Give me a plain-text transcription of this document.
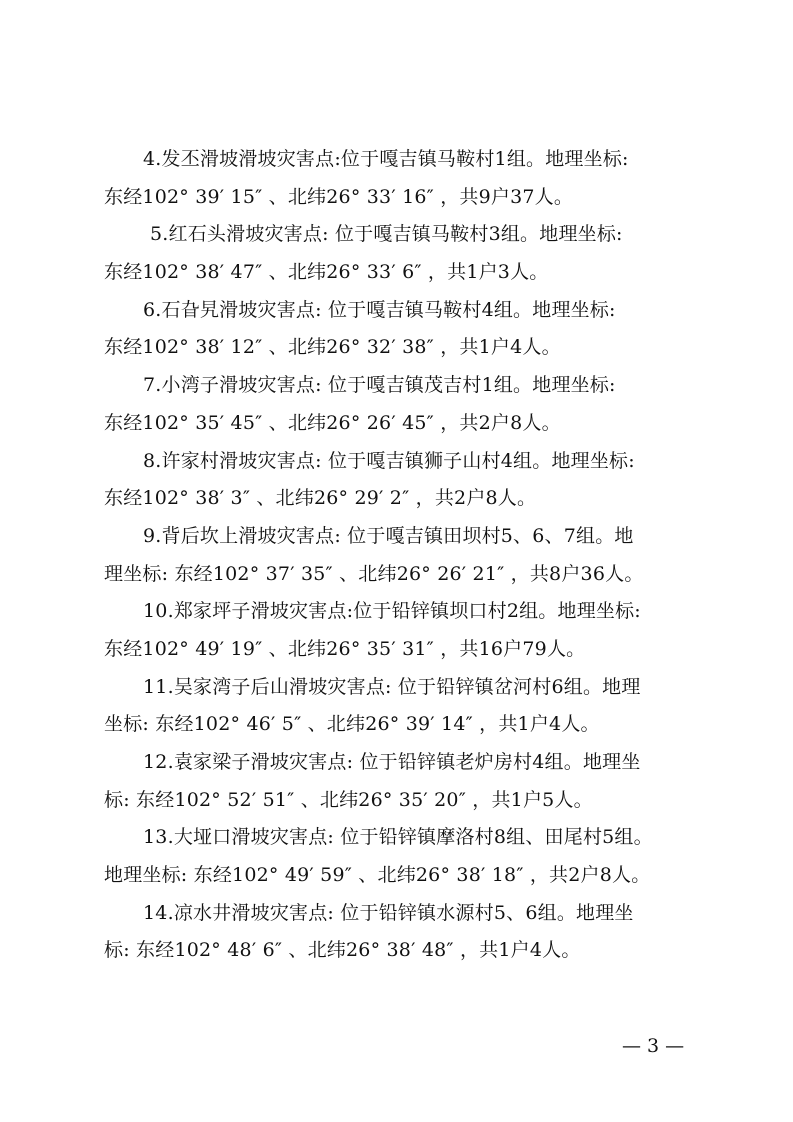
4.发丕滑坡滑坡灾害点:位于嘎吉镇马鞍村1组。地理坐标:
东经102° 39′ 15″ 、北纬26° 33′ 16″ ，共9户37人。
5.红石头滑坡灾害点: 位于嘎吉镇马鞍村3组。地理坐标:
东经102° 38′ 47″ 、北纬26° 33′ 6″ ，共1户3人。
6.石旮旯滑坡灾害点: 位于嘎吉镇马鞍村4组。地理坐标:
东经102° 38′ 12″ 、北纬26° 32′ 38″ ，共1户4人。
7.小湾子滑坡灾害点: 位于嘎吉镇茂吉村1组。地理坐标:
东经102° 35′ 45″ 、北纬26° 26′ 45″ ，共2户8人。
8.许家村滑坡灾害点: 位于嘎吉镇狮子山村4组。地理坐标:
东经102° 38′ 3″ 、北纬26° 29′ 2″ ，共2户8人。
9.背后坎上滑坡灾害点: 位于嘎吉镇田坝村5、6、7组。地
理坐标: 东经102° 37′ 35″ 、北纬26° 26′ 21″ ，共8户36人。
10.郑家坪子滑坡灾害点:位于铅锌镇坝口村2组。地理坐标:
东经102° 49′ 19″ 、北纬26° 35′ 31″ ，共16户79人。
11.吴家湾子后山滑坡灾害点: 位于铅锌镇岔河村6组。地理
坐标: 东经102° 46′ 5″ 、北纬26° 39′ 14″ ，共1户4人。
12.袁家梁子滑坡灾害点: 位于铅锌镇老炉房村4组。地理坐
标: 东经102° 52′ 51″ 、北纬26° 35′ 20″ ，共1户5人。
13.大垭口滑坡灾害点: 位于铅锌镇摩洛村8组、田尾村5组。
地理坐标: 东经102° 49′ 59″ 、北纬26° 38′ 18″ ，共2户8人。
14.凉水井滑坡灾害点: 位于铅锌镇水源村5、6组。地理坐
标: 东经102° 48′ 6″ 、北纬26° 38′ 48″ ，共1户4人。
— 3 —
